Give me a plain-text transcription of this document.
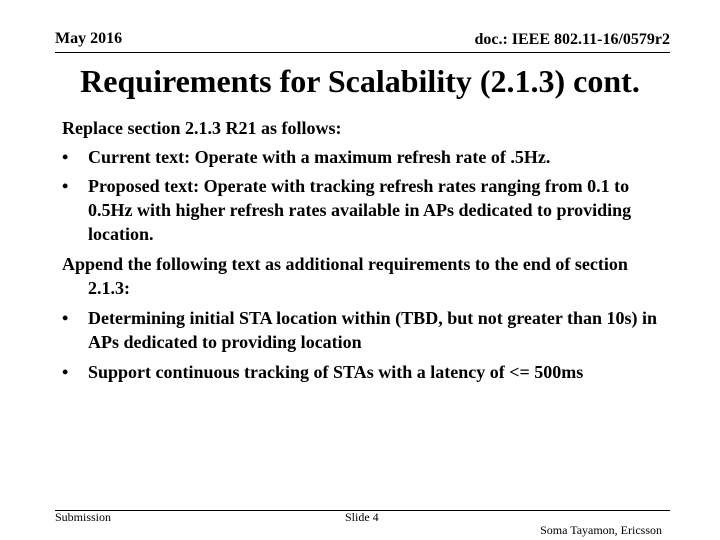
May 2016	doc.: IEEE 802.11-16/0579r2
Requirements for Scalability (2.1.3) cont.

Replace section 2.1.3 R21 as follows:

• Current text: Operate with a maximum refresh rate of .5Hz.
• Proposed text: Operate with tracking refresh rates ranging from 0.1 to 0.5Hz with higher refresh rates available in APs dedicated to providing location.

Append the following text as additional requirements to the end of section 2.1.3:

• Determining initial STA location within (TBD, but not greater than 10s) in APs dedicated to providing location
• Support continuous tracking of STAs with a latency of <= 500ms
Submission	Slide 4
Soma Tayamon, Ericsson
